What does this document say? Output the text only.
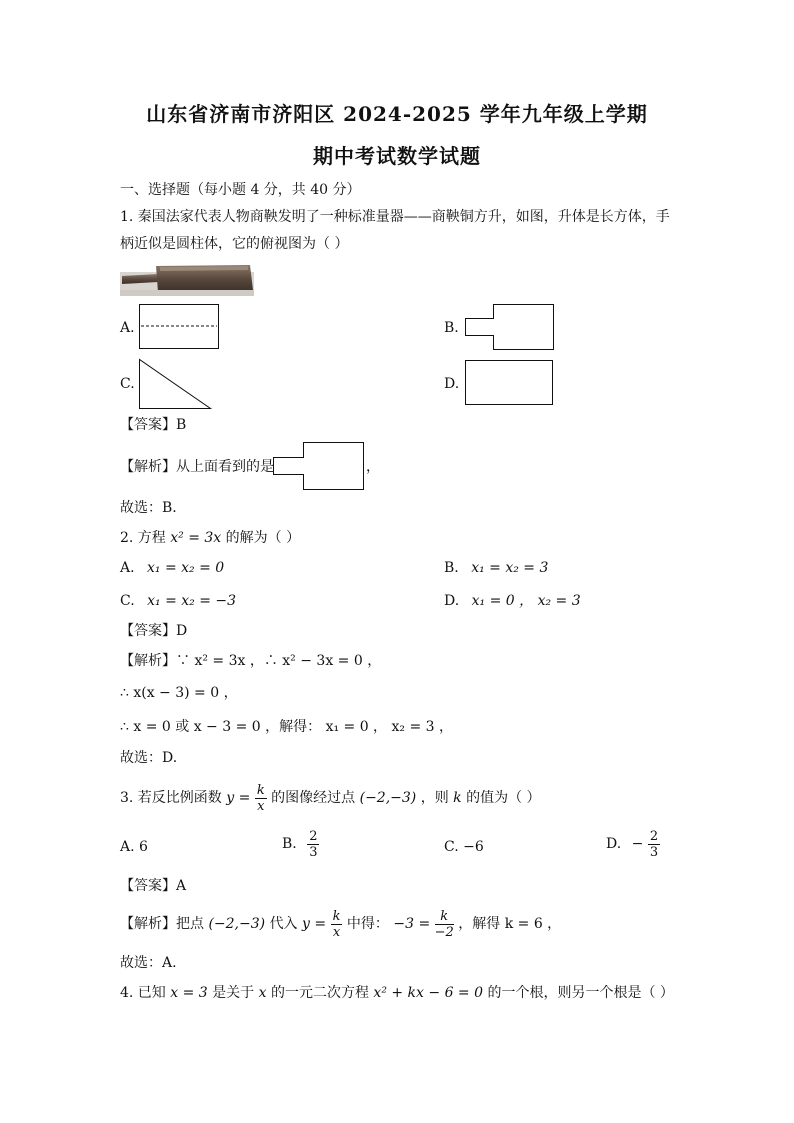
山东省济南市济阳区 2024-2025 学年九年级上学期
期中考试数学试题
一、选择题（每小题 4 分，共 40 分）
1. 秦国法家代表人物商鞅发明了一种标准量器——商鞅铜方升，如图，升体是长方体，手
柄近似是圆柱体，它的俯视图为（ ）
A.	B.
C.	D.
【答案】B
【解析】从上面看到的是	，
故选：B.
2. 方程 x² = 3x 的解为（ ）
A. x₁ = x₂ = 0	B. x₁ = x₂ = 3
C. x₁ = x₂ = −3	D. x₁ = 0 ， x₂ = 3
【答案】D
【解析】∵ x² = 3x ，∴ x² − 3x = 0 ，
∴ x(x − 3) = 0 ，
∴ x = 0 或 x − 3 = 0 ，解得： x₁ = 0 ， x₂ = 3 ，
故选：D.
3. 若反比例函数 $y = \frac{k}{x}$ 的图像经过点 (−2,−3) ，则 k 的值为（ ）
A. 6	B. $\frac{2}{3}$	C. −6	D. − $\frac{2}{3}$
【答案】A
【解析】把点 (−2,−3) 代入 $y = \frac{k}{x}$ 中得： $-3 = \frac{k}{-2}$ ，解得 k = 6 ，
故选：A.
4. 已知 x = 3 是关于 x 的一元二次方程 x² + kx − 6 = 0 的一个根，则另一个根是（ ）
